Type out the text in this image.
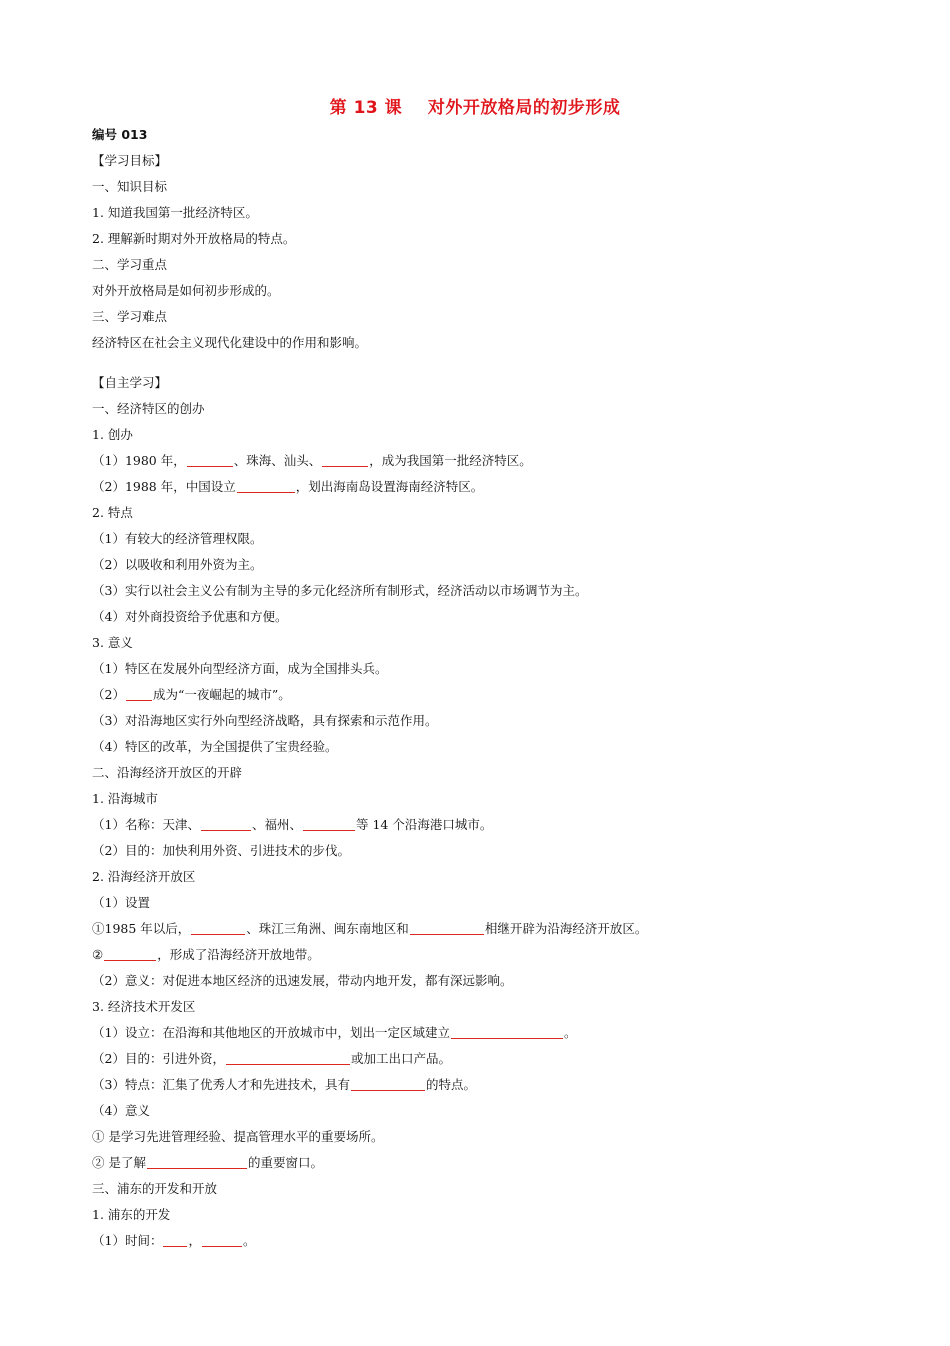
第 13 课    对外开放格局的初步形成
编号 013
【学习目标】
一、知识目标
1. 知道我国第一批经济特区。
2. 理解新时期对外开放格局的特点。
二、学习重点
对外开放格局是如何初步形成的。
三、学习难点
经济特区在社会主义现代化建设中的作用和影响。
【自主学习】
一、经济特区的创办
1. 创办
（1）1980 年，	、珠海、汕头、	，成为我国第一批经济特区。
（2）1988 年，中国设立	，划出海南岛设置海南经济特区。
2. 特点
（1）有较大的经济管理权限。
（2）以吸收和利用外资为主。
（3）实行以社会主义公有制为主导的多元化经济所有制形式，经济活动以市场调节为主。
（4）对外商投资给予优惠和方便。
3. 意义
（1）特区在发展外向型经济方面，成为全国排头兵。
（2） 成为“一夜崛起的城市”。
（3）对沿海地区实行外向型经济战略，具有探索和示范作用。
（4）特区的改革，为全国提供了宝贵经验。
二、沿海经济开放区的开辟
1. 沿海城市
（1）名称：天津、	、福州、	等 14 个沿海港口城市。
（2）目的：加快利用外资、引进技术的步伐。
2. 沿海经济开放区
（1）设置
①1985 年以后，	、珠江三角洲、闽东南地区和	相继开辟为沿海经济开放区。
②	，形成了沿海经济开放地带。
（2）意义：对促进本地区经济的迅速发展，带动内地开发，都有深远影响。
3. 经济技术开发区
（1）设立：在沿海和其他地区的开放城市中，划出一定区域建立	。
（2）目的：引进外资，	或加工出口产品。
（3）特点：汇集了优秀人才和先进技术，具有	的特点。
（4）意义
① 是学习先进管理经验、提高管理水平的重要场所。
② 是了解	的重要窗口。
三、浦东的开发和开放
1. 浦东的开发
（1）时间： ，	。
